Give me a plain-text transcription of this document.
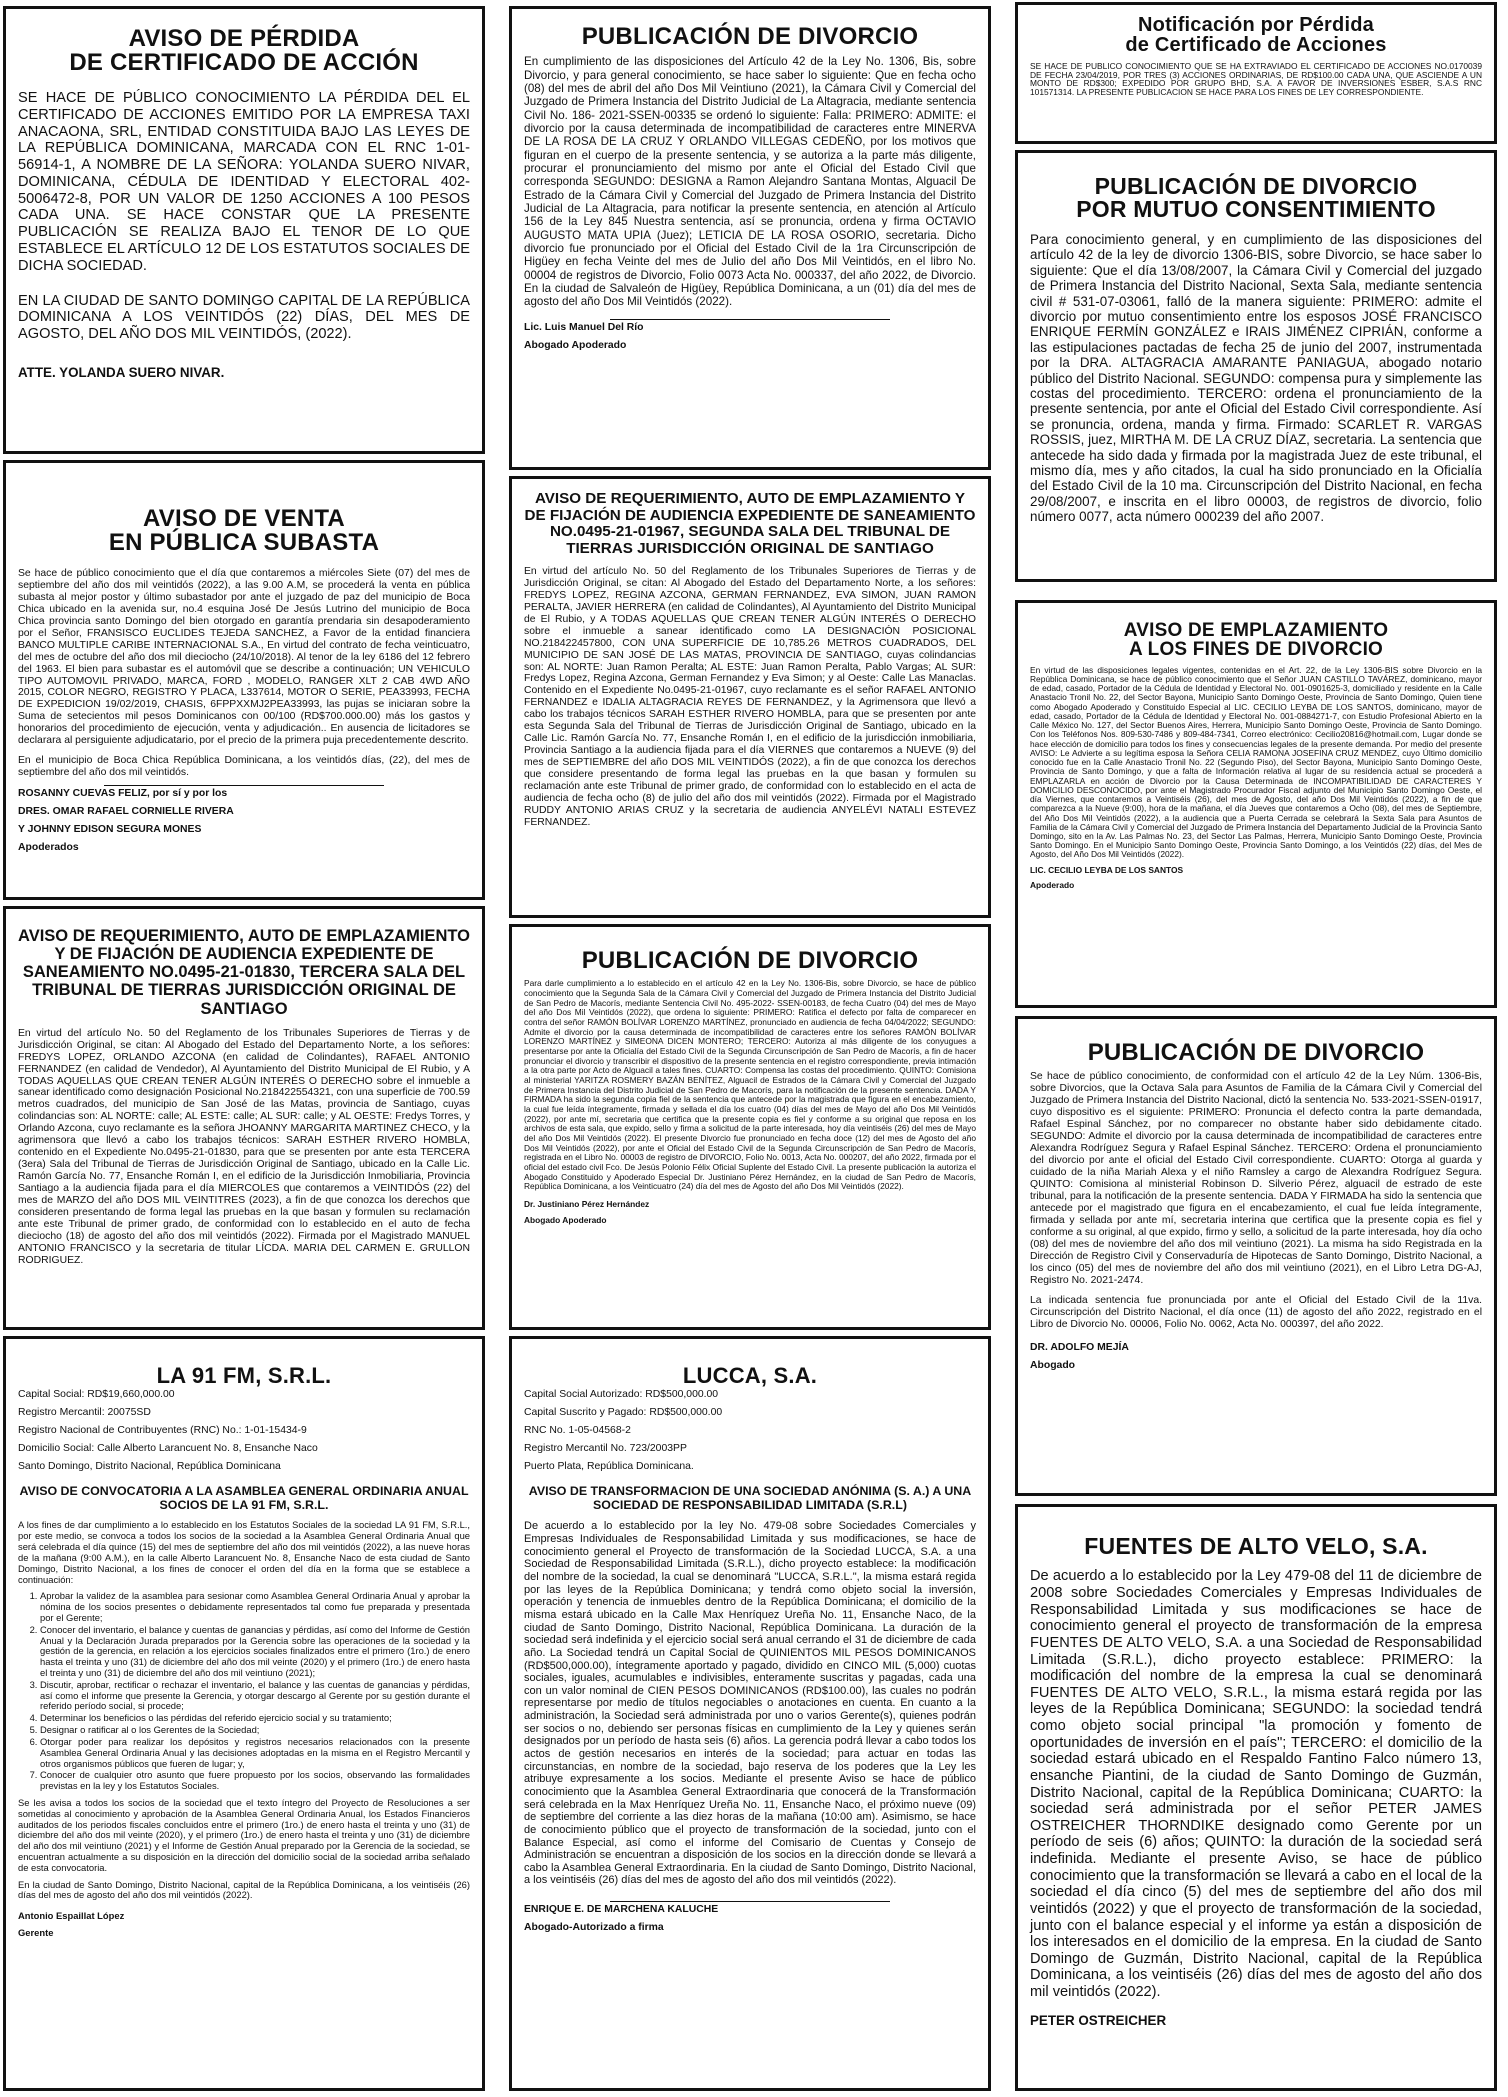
AVISO DE PÉRDIDA
DE CERTIFICADO DE ACCIÓN

SE HACE DE PÚBLICO CONOCIMIENTO LA PÉRDIDA DEL EL CERTIFICADO DE ACCIONES EMITIDO POR LA EMPRESA TAXI ANACAONA, SRL, ENTIDAD CONSTITUIDA BAJO LAS LEYES DE LA REPÚBLICA DOMINICANA, MARCADA CON EL RNC 1-01-56914-1, A NOMBRE DE LA SEÑORA: YOLANDA SUERO NIVAR, DOMINICANA, CÉDULA DE IDENTIDAD Y ELECTORAL 402-5006472-8, POR UN VALOR DE 1250 ACCIONES A 100 PESOS CADA UNA. SE HACE CONSTAR QUE LA PRESENTE PUBLICACIÓN SE REALIZA BAJO EL TENOR DE LO QUE ESTABLECE EL ARTÍCULO 12 DE LOS ESTATUTOS SOCIALES DE DICHA SOCIEDAD.

EN LA CIUDAD DE SANTO DOMINGO CAPITAL DE LA REPÚBLICA DOMINICANA A LOS VEINTIDÓS (22) DÍAS, DEL MES DE AGOSTO, DEL AÑO DOS MIL VEINTIDÓS, (2022).

ATTE. YOLANDA SUERO NIVAR.

AVISO DE VENTA
EN PÚBLICA SUBASTA

Se hace de público conocimiento que el día que contaremos a miércoles Siete (07) del mes de septiembre del año dos mil veintidós (2022), a las 9.00 A.M, se procederá la venta en pública subasta al mejor postor y último subastador por ante el juzgado de paz del municipio de Boca Chica ubicado en la avenida sur, no.4 esquina José De Jesús Lutrino del municipio de Boca Chica provincia santo Domingo del bien otorgado en garantía prendaria sin desapoderamiento por el Señor, FRANSISCO EUCLIDES TEJEDA SANCHEZ, a Favor de la entidad financiera BANCO MULTIPLE CARIBE INTERNACIONAL S.A., En virtud del contrato de fecha veinticuatro, del mes de octubre del año dos mil dieciocho (24/10/2018). Al tenor de la ley 6186 del 12 febrero del 1963. El bien para subastar es el automóvil que se describe a continuación; UN VEHICULO TIPO AUTOMOVIL PRIVADO, MARCA, FORD , MODELO, RANGER XLT 2 CAB 4WD AÑO 2015, COLOR NEGRO, REGISTRO Y PLACA, L337614, MOTOR O SERIE, PEA33993, FECHA DE EXPEDICION 19/02/2019, CHASIS, 6FPPXXMJ2PEA33993, las pujas se iniciaran sobre la Suma de setecientos mil pesos Dominicanos con 00/100 (RD$700.000.00) más los gastos y honorarios del procedimiento de ejecución, venta y adjudicación.. En ausencia de licitadores se declarara al persiguiente adjudicatario, por el precio de la primera puja precedentemente descrito.

En el municipio de Boca Chica República Dominicana, a los veintidós días, (22), del mes de septiembre del año dos mil veintidós.

ROSANNY CUEVAS FELIZ, por sí y por los

DRES. OMAR RAFAEL CORNIELLE RIVERA

Y JOHNNY EDISON SEGURA MONES

Apoderados

AVISO DE REQUERIMIENTO, AUTO DE EMPLAZAMIENTO Y DE FIJACIÓN DE AUDIENCIA EXPEDIENTE DE SANEAMIENTO NO.0495-21-01830, TERCERA SALA DEL TRIBUNAL DE TIERRAS JURISDICCIÓN ORIGINAL DE SANTIAGO

En virtud del artículo No. 50 del Reglamento de los Tribunales Superiores de Tierras y de Jurisdicción Original, se citan: Al Abogado del Estado del Departamento Norte, a los señores: FREDYS LOPEZ, ORLANDO AZCONA (en calidad de Colindantes), RAFAEL ANTONIO FERNANDEZ (en calidad de Vendedor), Al Ayuntamiento del Distrito Municipal de El Rubio, y A TODAS AQUELLAS QUE CREAN TENER ALGÚN INTERÉS O DERECHO sobre el inmueble a sanear identificado como designación Posicional No.218422554321, con una superficie de 700.59 metros cuadrados, del municipio de San José de las Matas, provincia de Santiago, cuyas colindancias son: AL NORTE: calle; AL ESTE: calle; AL SUR: calle; y AL OESTE: Fredys Torres, y Orlando Azcona, cuyo reclamante es la señora JHOANNY MARGARITA MARTINEZ CHECO, y la agrimensora que llevó a cabo los trabajos técnicos: SARAH ESTHER RIVERO HOMBLA, contenido en el Expediente No.0495-21-01830, para que se presenten por ante esta TERCERA (3era) Sala del Tribunal de Tierras de Jurisdicción Original de Santiago, ubicado en la Calle Lic. Ramón García No. 77, Ensanche Román I, en el edificio de la Jurisdicción Inmobiliaria, Provincia Santiago a la audiencia fijada para el día MIERCOLES que contaremos a VEINTIDÓS (22) del mes de MARZO del año DOS MIL VEINTITRES (2023), a fin de que conozca los derechos que consideren presentando de forma legal las pruebas en la que basan y formulen su reclamación ante este Tribunal de primer grado, de conformidad con lo establecido en el auto de fecha dieciocho (18) de agosto del año dos mil veintidós (2022). Firmada por el Magistrado MANUEL ANTONIO FRANCISCO y la secretaria de titular LÍCDA. MARIA DEL CARMEN E. GRULLON RODRIGUEZ.

LA 91 FM, S.R.L.

Capital Social: RD$19,660,000.00

Registro Mercantil: 20075SD

Registro Nacional de Contribuyentes (RNC) No.: 1-01-15434-9

Domicilio Social: Calle Alberto Larancuent No. 8, Ensanche Naco

Santo Domingo, Distrito Nacional, República Dominicana

AVISO DE CONVOCATORIA A LA ASAMBLEA GENERAL ORDINARIA ANUAL SOCIOS DE LA 91 FM, S.R.L.

A los fines de dar cumplimiento a lo establecido en los Estatutos Sociales de la sociedad LA 91 FM, S.R.L., por este medio, se convoca a todos los socios de la sociedad a la Asamblea General Ordinaria Anual que será celebrada el día quince (15) del mes de septiembre del año dos mil veintidós (2022), a las nueve horas de la mañana (9:00 A.M.), en la calle Alberto Larancuent No. 8, Ensanche Naco de esta ciudad de Santo Domingo, Distrito Nacional, a los fines de conocer el orden del día en la forma que se establece a continuación:

1. Aprobar la validez de la asamblea para sesionar como Asamblea General Ordinaria Anual y aprobar la nómina de los socios presentes o debidamente representados tal como fue preparada y presentada por el Gerente;
2. Conocer del inventario, el balance y cuentas de ganancias y pérdidas, así como del Informe de Gestión Anual y la Declaración Jurada preparados por la Gerencia sobre las operaciones de la sociedad y la gestión de la gerencia, en relación a los ejercicios sociales finalizados entre el primero (1ro.) de enero hasta el treinta y uno (31) de diciembre del año dos mil veinte (2020) y el primero (1ro.) de enero hasta el treinta y uno (31) de diciembre del año dos mil veintiuno (2021);
3. Discutir, aprobar, rectificar o rechazar el inventario, el balance y las cuentas de ganancias y pérdidas, así como el informe que presente la Gerencia, y otorgar descargo al Gerente por su gestión durante el referido período social, si procede;
4. Determinar los beneficios o las pérdidas del referido ejercicio social y su tratamiento;
5. Designar o ratificar al o los Gerentes de la Sociedad;
6. Otorgar poder para realizar los depósitos y registros necesarios relacionados con la presente Asamblea General Ordinaria Anual y las decisiones adoptadas en la misma en el Registro Mercantil y otros organismos públicos que fueren de lugar; y,
7. Conocer de cualquier otro asunto que fuere propuesto por los socios, observando las formalidades previstas en la ley y los Estatutos Sociales.

Se les avisa a todos los socios de la sociedad que el texto íntegro del Proyecto de Resoluciones a ser sometidas al conocimiento y aprobación de la Asamblea General Ordinaria Anual, los Estados Financieros auditados de los periodos fiscales concluidos entre el primero (1ro.) de enero hasta el treinta y uno (31) de diciembre del año dos mil veinte (2020), y el primero (1ro.) de enero hasta el treinta y uno (31) de diciembre del año dos mil veintiuno (2021) y el Informe de Gestión Anual preparado por la Gerencia de la sociedad, se encuentran actualmente a su disposición en la dirección del domicilio social de la sociedad arriba señalado de esta convocatoria.

En la ciudad de Santo Domingo, Distrito Nacional, capital de la República Dominicana, a los veintiséis (26) días del mes de agosto del año dos mil veintidós (2022).

Antonio Espaillat López

Gerente

PUBLICACIÓN DE DIVORCIO

En cumplimiento de las disposiciones del Artículo 42 de la Ley No. 1306, Bis, sobre Divorcio, y para general conocimiento, se hace saber lo siguiente: Que en fecha ocho (08) del mes de abril del año Dos Mil Veintiuno (2021), la Cámara Civil y Comercial del Juzgado de Primera Instancia del Distrito Judicial de La Altagracia, mediante sentencia Civil No. 186- 2021-SSEN-00335 se ordenó lo siguiente: Falla: PRIMERO: ADMITE: el divorcio por la causa determinada de incompatibilidad de caracteres entre MINERVA DE LA ROSA DE LA CRUZ Y ORLANDO VILLEGAS CEDEÑO, por los motivos que figuran en el cuerpo de la presente sentencia, y se autoriza a la parte más diligente, procurar el pronunciamiento del mismo por ante el Oficial del Estado Civil que corresponda SEGUNDO: DESIGNA a Ramon Alejandro Santana Montas, Alguacil De Estrado de la Cámara Civil y Comercial del Juzgado de Primera Instancia del Distrito Judicial de La Altagracia, para notificar la presente sentencia, en atención al Artículo 156 de la Ley 845 Nuestra sentencia, así se pronuncia, ordena y firma OCTAVIO AUGUSTO MATA UPIA (Juez); LETICIA DE LA ROSA OSORIO, secretaria. Dicho divorcio fue pronunciado por el Oficial del Estado Civil de la 1ra Circunscripción de Higüey en fecha Veinte del mes de Julio del año Dos Mil Veintidós, en el libro No. 00004 de registros de Divorcio, Folio 0073 Acta No. 000337, del año 2022, de Divorcio. En la ciudad de Salvaleón de Higüey, República Dominicana, a un (01) día del mes de agosto del año Dos Mil Veintidós (2022).

Lic. Luis Manuel Del Río

Abogado Apoderado

AVISO DE REQUERIMIENTO, AUTO DE EMPLAZAMIENTO Y DE FIJACIÓN DE AUDIENCIA EXPEDIENTE DE SANEAMIENTO NO.0495-21-01967, SEGUNDA SALA DEL TRIBUNAL DE TIERRAS JURISDICCIÓN ORIGINAL DE SANTIAGO

En virtud del artículo No. 50 del Reglamento de los Tribunales Superiores de Tierras y de Jurisdicción Original, se citan: Al Abogado del Estado del Departamento Norte, a los señores: FREDYS LOPEZ, REGINA AZCONA, GERMAN FERNANDEZ, EVA SIMON, JUAN RAMON PERALTA, JAVIER HERRERA (en calidad de Colindantes), Al Ayuntamiento del Distrito Municipal de El Rubio, y A TODAS AQUELLAS QUE CREAN TENER ALGÚN INTERÉS O DERECHO sobre el inmueble a sanear identificado como LA DESIGNACIÓN POSICIONAL NO.218422457800, CON UNA SUPERFICIE DE 10,785.26 METROS CUADRADOS, DEL MUNICIPIO DE SAN JOSÉ DE LAS MATAS, PROVINCIA DE SANTIAGO, cuyas colindancias son: AL NORTE: Juan Ramon Peralta; AL ESTE: Juan Ramon Peralta, Pablo Vargas; AL SUR: Fredys Lopez, Regina Azcona, German Fernandez y Eva Simon; y al Oeste: Calle Las Manaclas. Contenido en el Expediente No.0495-21-01967, cuyo reclamante es el señor RAFAEL ANTONIO FERNANDEZ e IDALIA ALTAGRACIA REYES DE FERNANDEZ, y la Agrimensora que llevó a cabo los trabajos técnicos SARAH ESTHER RIVERO HOMBLA, para que se presenten por ante esta Segunda Sala del Tribunal de Tierras de Jurisdicción Original de Santiago, ubicado en la Calle Lic. Ramón García No. 77, Ensanche Román I, en el edificio de la jurisdicción inmobiliaria, Provincia Santiago a la audiencia fijada para el día VIERNES que contaremos a NUEVE (9) del mes de SEPTIEMBRE del año DOS MIL VEINTIDÓS (2022), a fin de que conozca los derechos que considere presentando de forma legal las pruebas en la que basan y formulen su reclamación ante este Tribunal de primer grado, de conformidad con lo establecido en el acta de audiencia de fecha ocho (8) de julio del año dos mil veintidós (2022). Firmada por el Magistrado RUDDY ANTONIO ARIAS CRUZ y la secretaria de audiencia ANYELÉVI NATALI ESTEVEZ FERNANDEZ.

PUBLICACIÓN DE DIVORCIO

Para darle cumplimiento a lo establecido en el artículo 42 en la Ley No. 1306-Bis, sobre Divorcio, se hace de público conocimiento que la Segunda Sala de la Cámara Civil y Comercial del Juzgado de Primera Instancia del Distrito Judicial de San Pedro de Macorís, mediante Sentencia Civil No. 495-2022- SSEN-00183, de fecha Cuatro (04) del mes de Mayo del año Dos Mil Veintidós (2022), que ordena lo siguiente: PRIMERO: Ratifica el defecto por falta de comparecer en contra del señor RAMÓN BOLÍVAR LORENZO MARTÍNEZ, pronunciado en audiencia de fecha 04/04/2022; SEGUNDO: Admite el divorcio por la causa determinada de incompatibilidad de caracteres entre los señores RAMÓN BOLÍVAR LORENZO MARTÍNEZ y SIMEONA DICEN MONTERO; TERCERO: Autoriza al más diligente de los conyugues a presentarse por ante la Oficialía del Estado Civil de la Segunda Circunscripción de San Pedro de Macorís, a fin de hacer pronunciar el divorcio y transcribir el dispositivo de la presente sentencia en el registro correspondiente, previa intimación a la otra parte por Acto de Alguacil a tales fines. CUARTO: Compensa las costas del procedimiento. QUINTO: Comisiona al ministerial YARITZA ROSMERY BAZÁN BENÍTEZ, Alguacil de Estrados de la Cámara Civil y Comercial del Juzgado de Primera Instancia del Distrito Judicial de San Pedro de Macorís, para la notificación de la presente sentencia. DADA Y FIRMADA ha sido la segunda copia fiel de la sentencia que antecede por la magistrada que figura en el encabezamiento, la cual fue leída íntegramente, firmada y sellada el día los cuatro (04) días del mes de Mayo del año Dos Mil Veintidós (2022), por ante mí, secretaria que certifica que la presente copia es fiel y conforme a su original que reposa en los archivos de esta sala, que expido, sello y firma a solicitud de la parte interesada, hoy día veintiséis (26) del mes de Mayo del año Dos Mil Veintidós (2022). El presente Divorcio fue pronunciado en fecha doce (12) del mes de Agosto del año Dos Mil Veintidós (2022), por ante el Oficial del Estado Civil de la Segunda Circunscripción de San Pedro de Macorís, registrada en el Libro No. 00003 de registro de DIVORCIO, Folio No. 0013, Acta No. 000207, del año 2022, firmada por el oficial del estado civil Fco. De Jesús Polonio Félix Oficial Suplente del Estado Civil. La presente publicación la autoriza el Abogado Constituido y Apoderado Especial Dr. Justiniano Pérez Hernández, en la ciudad de San Pedro de Macorís, República Dominicana, a los Veinticuatro (24) día del mes de Agosto del año Dos Mil Veintidós (2022).

Dr. Justiniano Pérez Hernández

Abogado Apoderado

LUCCA, S.A.

Capital Social Autorizado: RD$500,000.00

Capital Suscrito y Pagado: RD$500,000.00

RNC No. 1-05-04568-2

Registro Mercantil No. 723/2003PP

Puerto Plata, República Dominicana.

AVISO DE TRANSFORMACION DE UNA SOCIEDAD ANÓNIMA (S. A.) A UNA SOCIEDAD DE RESPONSABILIDAD LIMITADA (S.R.L)

De acuerdo a lo establecido por la ley No. 479-08 sobre Sociedades Comerciales y Empresas Individuales de Responsabilidad Limitada y sus modificaciones, se hace de conocimiento general el Proyecto de transformación de la Sociedad LUCCA, S.A. a una Sociedad de Responsabilidad Limitada (S.R.L.), dicho proyecto establece: la modificación del nombre de la sociedad, la cual se denominará "LUCCA, S.R.L.", la misma estará regida por las leyes de la República Dominicana; y tendrá como objeto social la inversión, operación y tenencia de inmuebles dentro de la República Dominicana; el domicilio de la misma estará ubicado en la Calle Max Henríquez Ureña No. 11, Ensanche Naco, de la ciudad de Santo Domingo, Distrito Nacional, República Dominicana. La duración de la sociedad será indefinida y el ejercicio social será anual cerrando el 31 de diciembre de cada año. La Sociedad tendrá un Capital Social de QUINIENTOS MIL PESOS DOMINICANOS (RD$500,000.00), íntegramente aportado y pagado, dividido en CINCO MIL (5,000) cuotas sociales, iguales, acumulables e indivisibles, enteramente suscritas y pagadas, cada una con un valor nominal de CIEN PESOS DOMINICANOS (RD$100.00), las cuales no podrán representarse por medio de títulos negociables o anotaciones en cuenta. En cuanto a la administración, la Sociedad será administrada por uno o varios Gerente(s), quienes podrán ser socios o no, debiendo ser personas físicas en cumplimiento de la Ley y quienes serán designados por un período de hasta seis (6) años. La gerencia podrá llevar a cabo todos los actos de gestión necesarios en interés de la sociedad; para actuar en todas las circunstancias, en nombre de la sociedad, bajo reserva de los poderes que la Ley les atribuye expresamente a los socios. Mediante el presente Aviso se hace de público conocimiento que la Asamblea General Extraordinaria que conocerá de la Transformación será celebrada en la Max Henríquez Ureña No. 11, Ensanche Naco, el próximo nueve (09) de septiembre del corriente a las diez horas de la mañana (10:00 am). Asimismo, se hace de conocimiento público que el proyecto de transformación de la sociedad, junto con el Balance Especial, así como el informe del Comisario de Cuentas y Consejo de Administración se encuentran a disposición de los socios en la dirección donde se llevará a cabo la Asamblea General Extraordinaria. En la ciudad de Santo Domingo, Distrito Nacional, a los veintiséis (26) días del mes de agosto del año dos mil veintidós (2022).

ENRIQUE E. DE MARCHENA KALUCHE

Abogado-Autorizado a firma

Notificación por Pérdida
de Certificado de Acciones

SE HACE DE PUBLICO CONOCIMIENTO QUE SE HA EXTRAVIADO EL CERTIFICADO DE ACCIONES NO.0170039 DE FECHA 23/04/2019, POR TRES (3) ACCIONES ORDINARIAS, DE RD$100.00 CADA UNA, QUE ASCIENDE A UN MONTO DE RD$300; EXPEDIDO POR GRUPO BHD, S.A. A FAVOR DE INVERSIONES ESBER, S.A.S RNC 101571314. LA PRESENTE PUBLICACION SE HACE PARA LOS FINES DE LEY CORRESPONDIENTE.

PUBLICACIÓN DE DIVORCIO
POR MUTUO CONSENTIMIENTO

Para conocimiento general, y en cumplimiento de las disposiciones del artículo 42 de la ley de divorcio 1306-BIS, sobre Divorcio, se hace saber lo siguiente: Que el día 13/08/2007, la Cámara Civil y Comercial del juzgado de Primera Instancia del Distrito Nacional, Sexta Sala, mediante sentencia civil # 531-07-03061, falló de la manera siguiente: PRIMERO: admite el divorcio por mutuo consentimiento entre los esposos JOSÉ FRANCISCO ENRIQUE FERMÍN GONZÁLEZ e IRAIS JIMÉNEZ CIPRIÁN, conforme a las estipulaciones pactadas de fecha 25 de junio del 2007, instrumentada por la DRA. ALTAGRACIA AMARANTE PANIAGUA, abogado notario público del Distrito Nacional. SEGUNDO: compensa pura y simplemente las costas del procedimiento. TERCERO: ordena el pronunciamiento de la presente sentencia, por ante el Oficial del Estado Civil correspondiente. Así se pronuncia, ordena, manda y firma. Firmado: SCARLET R. VARGAS ROSSIS, juez, MIRTHA M. DE LA CRUZ DÍAZ, secretaria. La sentencia que antecede ha sido dada y firmada por la magistrada Juez de este tribunal, el mismo día, mes y año citados, la cual ha sido pronunciado en la Oficialía del Estado Civil de la 10 ma. Circunscripción del Distrito Nacional, en fecha 29/08/2007, e inscrita en el libro 00003, de registros de divorcio, folio número 0077, acta número 000239 del año 2007.

AVISO DE EMPLAZAMIENTO
A LOS FINES DE DIVORCIO

En virtud de las disposiciones legales vigentes, contenidas en el Art. 22, de la Ley 1306-BIS sobre Divorcio en la República Dominicana, se hace de público conocimiento que el Señor JUAN CASTILLO TAVÁREZ, dominicano, mayor de edad, casado, Portador de la Cédula de Identidad y Electoral No. 001-0901625-3, domiciliado y residente en la Calle Anastacio Tronil No. 22, del Sector Bayona, Municipio Santo Domingo Oeste, Provincia de Santo Domingo, Quien tiene como Abogado Apoderado y Constituido Especial al LIC. CECILIO LEYBA DE LOS SANTOS, dominicano, mayor de edad, casado, Portador de la Cédula de Identidad y Electoral No. 001-0884271-7, con Estudio Profesional Abierto en la Calle México No. 127, del Sector Buenos Aires, Herrera, Municipio Santo Domingo Oeste, Provincia de Santo Domingo. Con los Teléfonos Nos. 809-530-7486 y 809-484-7341, Correo electrónico: Cecilio20816@hotmail.com, Lugar donde se hace elección de domicilio para todos los fines y consecuencias legales de la presente demanda. Por medio del presente AVISO: Le Advierte a su legítima esposa la Señora CELIA RAMONA JOSEFINA CRUZ MENDEZ, cuyo Último domicilio conocido fue en la Calle Anastacio Tronil No. 22 (Segundo Piso), del Sector Bayona, Municipio Santo Domingo Oeste, Provincia de Santo Domingo, y que a falta de Información relativa al lugar de su residencia actual se procederá a EMPLAZARLA en acción de Divorcio por la Causa Determinada de INCOMPATIBILIDAD DE CARACTERES Y DOMICILIO DESCONOCIDO, por ante el Magistrado Procurador Fiscal adjunto del Municipio Santo Domingo Oeste, el día Viernes, que contaremos a Veintiséis (26), del mes de Agosto, del año Dos Mil Veintidós (2022), a fin de que comparezca a la Nueve (9:00), hora de la mañana, el día Jueves que contaremos a Ocho (08), del mes de Septiembre, del Año Dos Mil Veintidós (2022), a la audiencia que a Puerta Cerrada se celebrará la Sexta Sala para Asuntos de Familia de la Cámara Civil y Comercial del Juzgado de Primera Instancia del Departamento Judicial de la Provincia Santo Domingo, sito en la Av. Las Palmas No. 23, del Sector Las Palmas, Herrera, Municipio Santo Domingo Oeste, Provincia Santo Domingo. En el Municipio Santo Domingo Oeste, Provincia Santo Domingo, a los Veintidós (22) días, del Mes de Agosto, del Año Dos Mil Veintidós (2022).

LIC. CECILIO LEYBA DE LOS SANTOS

Apoderado

PUBLICACIÓN DE DIVORCIO

Se hace de público conocimiento, de conformidad con el artículo 42 de la Ley Núm. 1306-Bis, sobre Divorcios, que la Octava Sala para Asuntos de Familia de la Cámara Civil y Comercial del Juzgado de Primera Instancia del Distrito Nacional, dictó la sentencia No. 533-2021-SSEN-01917, cuyo dispositivo es el siguiente: PRIMERO: Pronuncia el defecto contra la parte demandada, Rafael Espinal Sánchez, por no comparecer no obstante haber sido debidamente citado. SEGUNDO: Admite el divorcio por la causa determinada de incompatibilidad de caracteres entre Alexandra Rodríguez Segura y Rafael Espinal Sánchez. TERCERO: Ordena el pronunciamiento del divorcio por ante el oficial del Estado Civil correspondiente. CUARTO: Otorga al guarda y cuidado de la niña Mariah Alexa y el niño Ramsley a cargo de Alexandra Rodríguez Segura. QUINTO: Comisiona al ministerial Robinson D. Silverio Pérez, alguacil de estrado de este tribunal, para la notificación de la presente sentencia. DADA Y FIRMADA ha sido la sentencia que antecede por el magistrado que figura en el encabezamiento, el cual fue leída íntegramente, firmada y sellada por ante mí, secretaria interina que certifica que la presente copia es fiel y conforme a su original, al que expido, firmo y sello, a solicitud de la parte interesada, hoy día ocho (08) del mes de noviembre del año dos mil veintiuno (2021). La misma ha sido Registrada en la Dirección de Registro Civil y Conservaduría de Hipotecas de Santo Domingo, Distrito Nacional, a los cinco (05) del mes de noviembre del año dos mil veintiuno (2021), en el Libro Letra DG-AJ, Registro No. 2021-2474.

La indicada sentencia fue pronunciada por ante el Oficial del Estado Civil de la 11va. Circunscripción del Distrito Nacional, el día once (11) de agosto del año 2022, registrado en el Libro de Divorcio No. 00006, Folio No. 0062, Acta No. 000397, del año 2022.

DR. ADOLFO MEJÍA

Abogado

FUENTES DE ALTO VELO, S.A.

De acuerdo a lo establecido por la Ley 479-08 del 11 de diciembre de 2008 sobre Sociedades Comerciales y Empresas Individuales de Responsabilidad Limitada y sus modificaciones se hace de conocimiento general el proyecto de transformación de la empresa FUENTES DE ALTO VELO, S.A. a una Sociedad de Responsabilidad Limitada (S.R.L.), dicho proyecto establece: PRIMERO: la modificación del nombre de la empresa la cual se denominará FUENTES DE ALTO VELO, S.R.L., la misma estará regida por las leyes de la República Dominicana; SEGUNDO: la sociedad tendrá como objeto social principal "la promoción y fomento de oportunidades de inversión en el país"; TERCERO: el domicilio de la sociedad estará ubicado en el Respaldo Fantino Falco número 13, ensanche Piantini, de la ciudad de Santo Domingo de Guzmán, Distrito Nacional, capital de la República Dominicana; CUARTO: la sociedad será administrada por el señor PETER JAMES OSTREICHER THORNDIKE designado como Gerente por un período de seis (6) años; QUINTO: la duración de la sociedad será indefinida. Mediante el presente Aviso, se hace de público conocimiento que la transformación se llevará a cabo en el local de la sociedad el día cinco (5) del mes de septiembre del año dos mil veintidós (2022) y que el proyecto de transformación de la sociedad, junto con el balance especial y el informe ya están a disposición de los interesados en el domicilio de la empresa. En la ciudad de Santo Domingo de Guzmán, Distrito Nacional, capital de la República Dominicana, a los veintiséis (26) días del mes de agosto del año dos mil veintidós (2022).

PETER OSTREICHER
